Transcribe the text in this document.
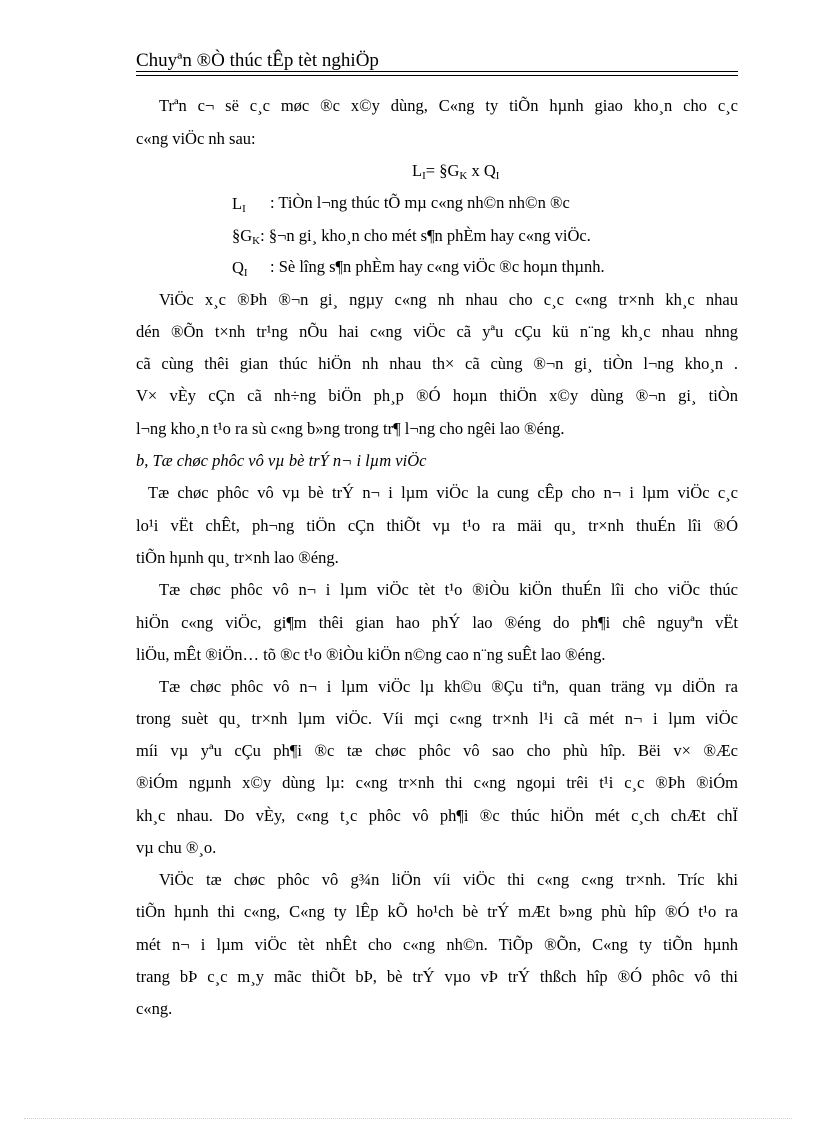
Chuyªn ®Ò thúc tÊp tèt nghiÖp
Trªn c¬ së c¸c møc ®c x©y dùng, C«ng ty tiÕn hµnh giao kho¸n cho c¸c
c«ng viÖc nh sau:
$L_I=$ $\S G_K$ x $Q_I$
$L_I$ : TiÒn l¬ng thúc tÕ mµ c«ng nh©n nh©n ®c
$\S G_K$: §¬n gi¸ kho¸n cho mét s¶n phÈm hay c«ng viÖc.
$Q_I$ : Sè lîng s¶n phÈm hay c«ng viÖc ®c hoµn thµnh.
ViÖc x¸c ®Þh ®¬n gi¸ ngµy c«ng nh nhau cho c¸c c«ng tr×nh kh¸c nhau
dén ®Õn t×nh tr¹ng nÕu hai c«ng viÖc cã yªu cÇu kü n¨ng kh¸c nhau nhng
cã cùng thêi gian thúc hiÖn nh nhau th× cã cùng ®¬n gi¸ tiÒn l¬ng kho¸n .
V× vÈy cÇn cã nh÷ng biÖn ph¸p ®Ó hoµn thiÖn x©y dùng ®¬n gi¸ tiÒn
l¬ng kho¸n t¹o ra sù c«ng b»ng trong tr¶ l¬ng cho ngêi lao ®éng.
b, Tæ chøc phôc vô vµ bè trÝ n¬ i lµm viÖc
Tæ chøc phôc vô vµ bè trÝ n¬ i lµm viÖc la cung cÊp cho n¬ i lµm viÖc c¸c
lo¹i vËt chÊt, ph¬ng tiÖn cÇn thiÕt vµ t¹o ra mäi qu¸ tr×nh thuÉn lîi ®Ó
tiÕn hµnh qu¸ tr×nh lao ®éng.
Tæ chøc phôc vô n¬ i lµm viÖc tèt t¹o ®iÒu kiÖn thuÉn lîi cho viÖc thúc
hiÖn c«ng viÖc, gi¶m thêi gian hao phÝ lao ®éng do ph¶i chê nguyªn vËt
liÖu, mÊt ®iÖn… tõ ®c t¹o ®iÒu kiÖn n©ng cao n¨ng suÊt lao ®éng.
Tæ chøc phôc vô n¬ i lµm viÖc lµ kh©u ®Çu tiªn, quan träng vµ diÖn ra
trong suèt qu¸ tr×nh lµm viÖc. Víi mçi c«ng tr×nh l¹i cã mét n¬ i lµm viÖc
míi vµ yªu cÇu ph¶i ®c tæ chøc phôc vô sao cho phù hîp. Bëi v× ®Æc
®iÓm ngµnh x©y dùng lµ: c«ng tr×nh thi c«ng ngoµi trêi t¹i c¸c ®Þh ®iÓm
kh¸c nhau. Do vÈy, c«ng t¸c phôc vô ph¶i ®c thúc hiÖn mét c¸ch chÆt chÏ
vµ chu ®¸o.
ViÖc tæ chøc phôc vô g¾n liÖn víi viÖc thi c«ng c«ng tr×nh. Tríc khi
tiÕn hµnh thi c«ng, C«ng ty lÊp kÕ ho¹ch bè trÝ mÆt b»ng phù hîp ®Ó t¹o ra
mét n¬ i lµm viÖc tèt nhÊt cho c«ng nh©n. TiÕp ®Õn, C«ng ty tiÕn hµnh
trang bÞ c¸c m¸y mãc thiÕt bÞ, bè trÝ vµo vÞ trÝ thßch hîp ®Ó phôc vô thi
c«ng.
